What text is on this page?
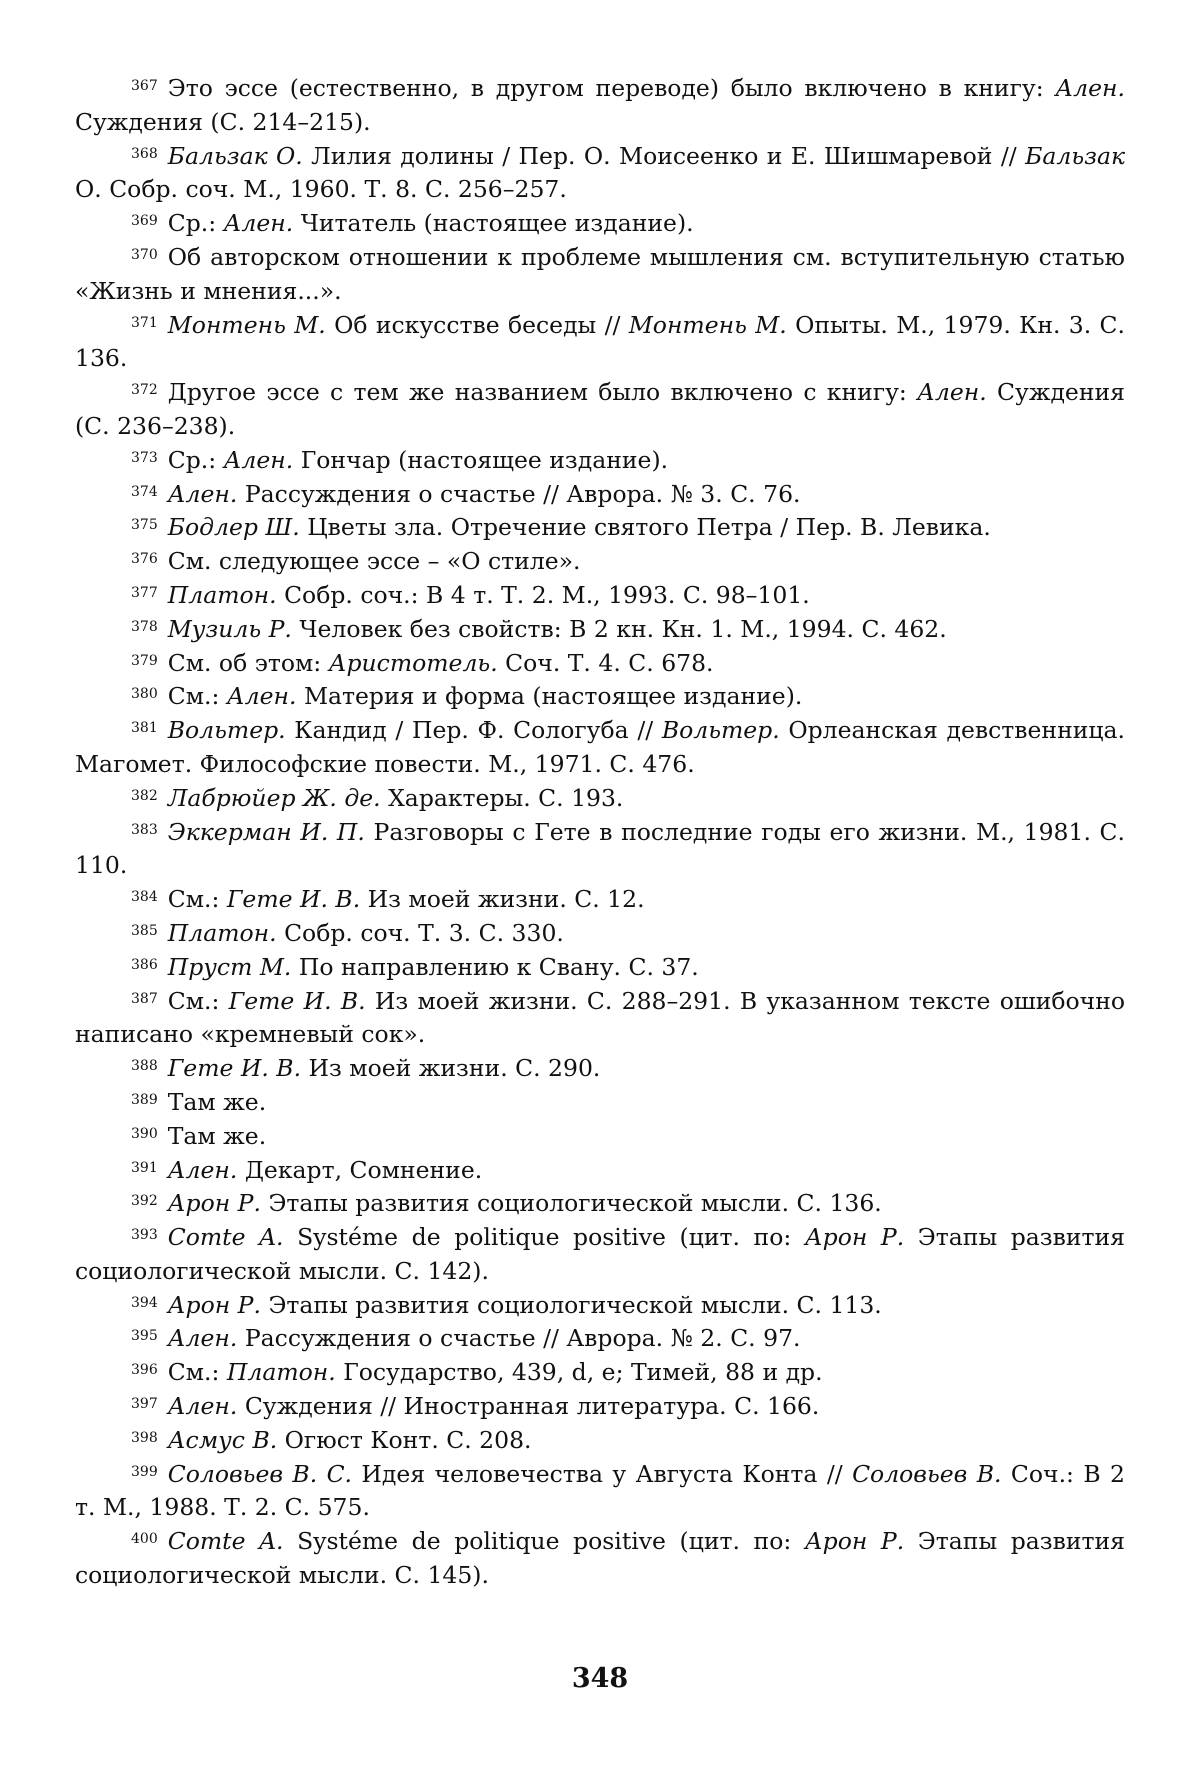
367 Это эссе (естественно, в другом переводе) было включено в книгу: Ален. Суждения (С. 214–215).

368 Бальзак О. Лилия долины / Пер. О. Моисеенко и Е. Шишмаревой // Бальзак О. Собр. соч. М., 1960. Т. 8. С. 256–257.

369 Ср.: Ален. Читатель (настоящее издание).

370 Об авторском отношении к проблеме мышления см. вступительную статью «Жизнь и мнения...».

371 Монтень М. Об искусстве беседы // Монтень М. Опыты. М., 1979. Кн. 3. С. 136.

372 Другое эссе с тем же названием было включено с книгу: Ален. Суждения (С. 236–238).

373 Ср.: Ален. Гончар (настоящее издание).

374 Ален. Рассуждения о счастье // Аврора. № 3. С. 76.

375 Бодлер Ш. Цветы зла. Отречение святого Петра / Пер. В. Левика.

376 См. следующее эссе – «О стиле».

377 Платон. Собр. соч.: В 4 т. Т. 2. М., 1993. С. 98–101.

378 Музиль Р. Человек без свойств: В 2 кн. Кн. 1. М., 1994. С. 462.

379 См. об этом: Аристотель. Соч. Т. 4. С. 678.

380 См.: Ален. Материя и форма (настоящее издание).

381 Вольтер. Кандид / Пер. Ф. Сологуба // Вольтер. Орлеанская девственница. Магомет. Философские повести. М., 1971. С. 476.

382 Лабрюйер Ж. де. Характеры. С. 193.

383 Эккерман И. П. Разговоры с Гете в последние годы его жизни. М., 1981. С. 110.

384 См.: Гете И. В. Из моей жизни. С. 12.

385 Платон. Собр. соч. Т. 3. С. 330.

386 Пруст М. По направлению к Свану. С. 37.

387 См.: Гете И. В. Из моей жизни. С. 288–291. В указанном тексте ошибочно написано «кремневый сок».

388 Гете И. В. Из моей жизни. С. 290.

389 Там же.

390 Там же.

391 Ален. Декарт, Сомнение.

392 Арон Р. Этапы развития социологической мысли. С. 136.

393 Comte A. Systéme de politique positive (цит. по: Арон Р. Этапы развития социологической мысли. С. 142).

394 Арон Р. Этапы развития социологической мысли. С. 113.

395 Ален. Рассуждения о счастье // Аврора. № 2. С. 97.

396 См.: Платон. Государство, 439, d, e; Тимей, 88 и др.

397 Ален. Суждения // Иностранная литература. С. 166.

398 Асмус В. Огюст Конт. С. 208.

399 Соловьев В. С. Идея человечества у Августа Конта // Соловьев В. Соч.: В 2 т. М., 1988. Т. 2. С. 575.

400 Comte A. Systéme de politique positive (цит. по: Арон Р. Этапы развития социологической мысли. С. 145).

348
